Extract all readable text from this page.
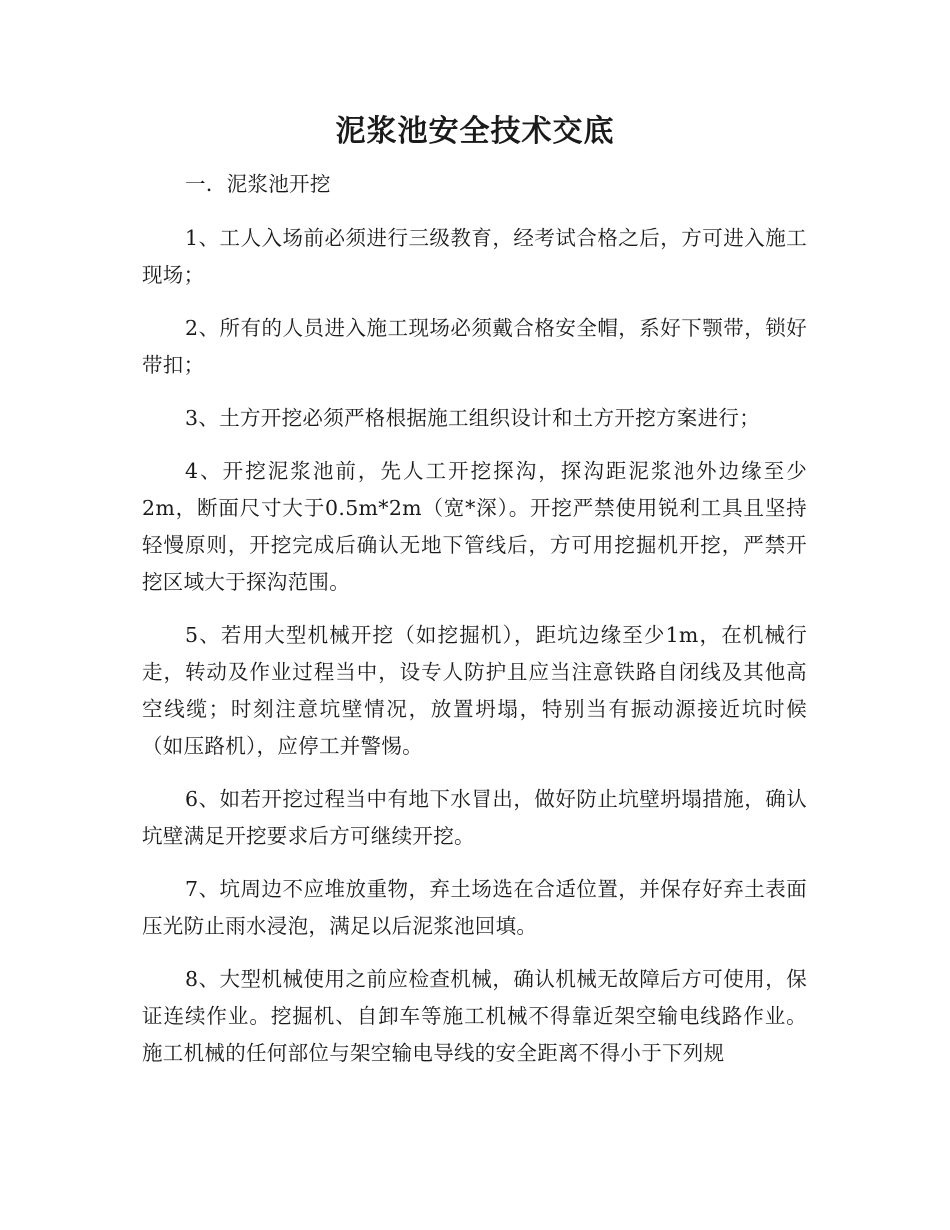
泥浆池安全技术交底

一．泥浆池开挖

1、工人入场前必须进行三级教育，经考试合格之后，方可进入施工现场；

2、所有的人员进入施工现场必须戴合格安全帽，系好下颚带，锁好带扣；

3、土方开挖必须严格根据施工组织设计和土方开挖方案进行；

4、开挖泥浆池前，先人工开挖探沟，探沟距泥浆池外边缘至少2m，断面尺寸大于0.5m*2m（宽*深）。开挖严禁使用锐利工具且坚持轻慢原则，开挖完成后确认无地下管线后，方可用挖掘机开挖，严禁开挖区域大于探沟范围。

5、若用大型机械开挖（如挖掘机），距坑边缘至少1m，在机械行走，转动及作业过程当中，设专人防护且应当注意铁路自闭线及其他高空线缆；时刻注意坑壁情况，放置坍塌，特别当有振动源接近坑时候（如压路机），应停工并警惕。

6、如若开挖过程当中有地下水冒出，做好防止坑壁坍塌措施，确认坑壁满足开挖要求后方可继续开挖。

7、坑周边不应堆放重物，弃土场选在合适位置，并保存好弃土表面压光防止雨水浸泡，满足以后泥浆池回填。

8、大型机械使用之前应检查机械，确认机械无故障后方可使用，保证连续作业。挖掘机、自卸车等施工机械不得靠近架空输电线路作业。施工机械的任何部位与架空输电导线的安全距离不得小于下列规
